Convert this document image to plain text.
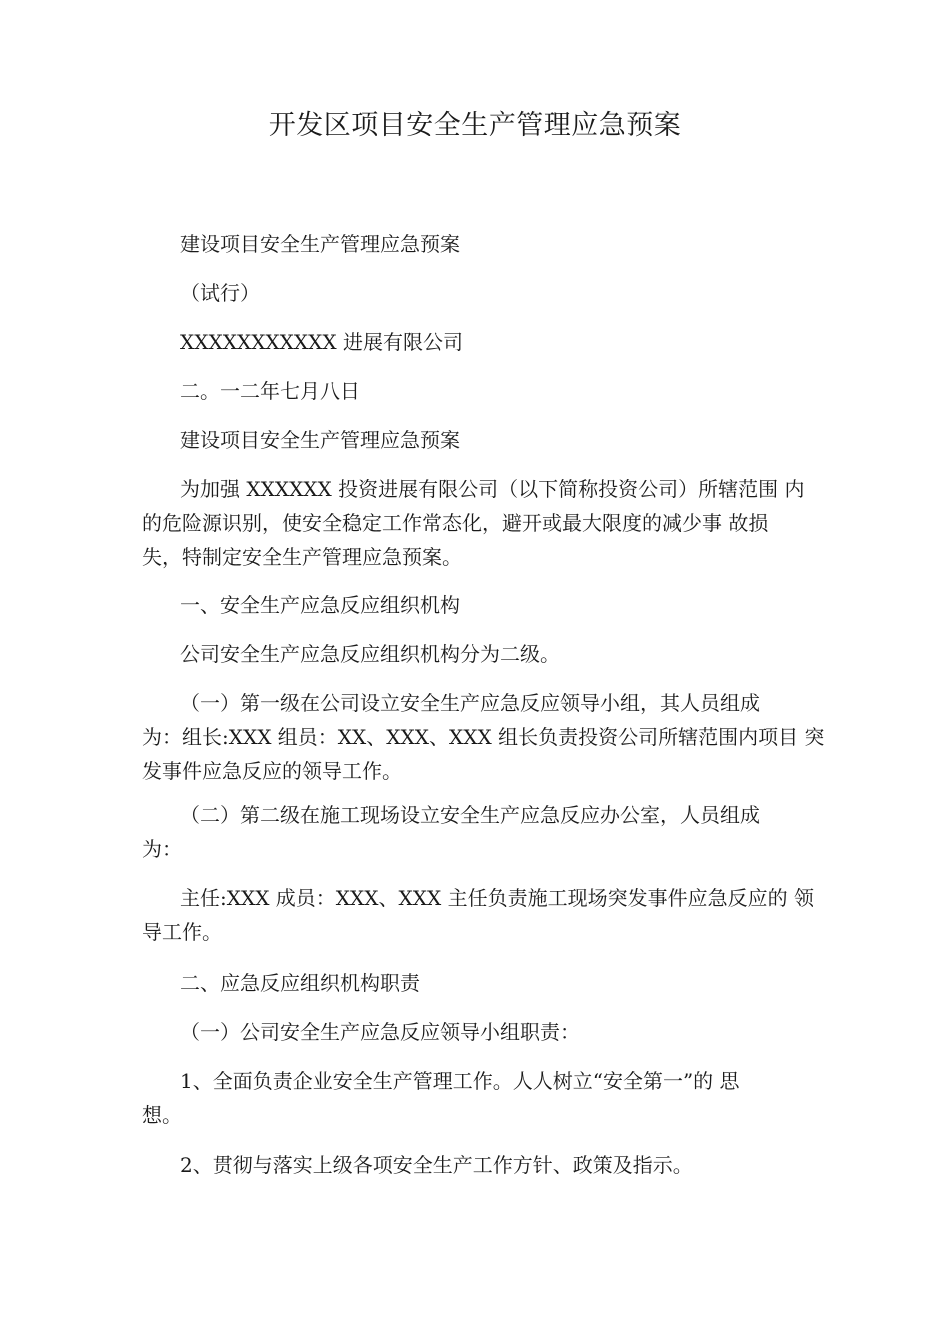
开发区项目安全生产管理应急预案
建设项目安全生产管理应急预案
（试行）
XXXXXXXXXXX 进展有限公司
二。一二年七月八日
建设项目安全生产管理应急预案
为加强 XXXXXX 投资进展有限公司（以下简称投资公司）所辖范围 内
的危险源识别，使安全稳定工作常态化，避开或最大限度的减少事 故损
失，特制定安全生产管理应急预案。
一、安全生产应急反应组织机构
公司安全生产应急反应组织机构分为二级。
（一）第一级在公司设立安全生产应急反应领导小组，其人员组成
为：组长:XXX 组员：XX、XXX、XXX 组长负责投资公司所辖范围内项目 突
发事件应急反应的领导工作。
（二）第二级在施工现场设立安全生产应急反应办公室，人员组成
为：
主任:XXX 成员：XXX、XXX 主任负责施工现场突发事件应急反应的 领
导工作。
二、应急反应组织机构职责
（一）公司安全生产应急反应领导小组职责：
1、全面负责企业安全生产管理工作。人人树立“安全第一”的 思
想。
2、贯彻与落实上级各项安全生产工作方针、政策及指示。
